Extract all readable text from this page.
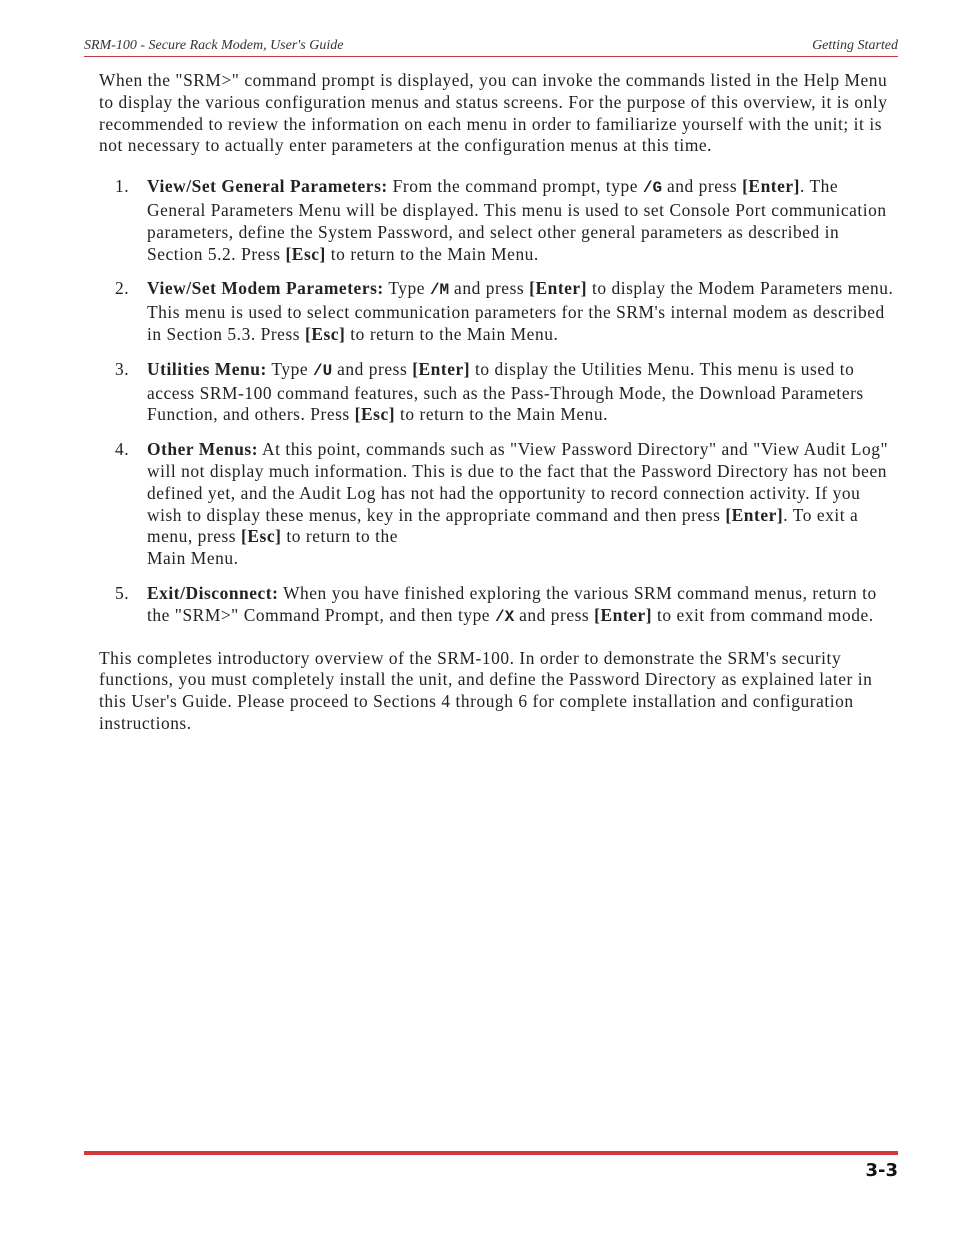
SRM-100 - Secure Rack Modem, User's Guide	Getting Started

When the "SRM>" command prompt is displayed, you can invoke the commands listed in the Help Menu to display the various configuration menus and status screens. For the purpose of this overview, it is only recommended to review the information on each menu in order to familiarize yourself with the unit; it is not necessary to actually enter parameters at the configuration menus at this time.

1. View/Set General Parameters: From the command prompt, type /G and press [Enter]. The General Parameters Menu will be displayed. This menu is used to set Console Port communication parameters, define the System Password, and select other general parameters as described in Section 5.2. Press [Esc] to return to the Main Menu.
2. View/Set Modem Parameters: Type /M and press [Enter] to display the Modem Parameters menu. This menu is used to select communication parameters for the SRM's internal modem as described in Section 5.3. Press [Esc] to return to the Main Menu.
3. Utilities Menu: Type /U and press [Enter] to display the Utilities Menu. This menu is used to access SRM-100 command features, such as the Pass-Through Mode, the Download Parameters Function, and others. Press [Esc] to return to the Main Menu.
4. Other Menus: At this point, commands such as "View Password Directory" and "View Audit Log" will not display much information. This is due to the fact that the Password Directory has not been defined yet, and the Audit Log has not had the opportunity to record connection activity. If you wish to display these menus, key in the appropriate command and then press [Enter]. To exit a menu, press [Esc] to return to the
Main Menu.
5. Exit/Disconnect: When you have finished exploring the various SRM command menus, return to the "SRM>" Command Prompt, and then type /X and press [Enter] to exit from command mode.

This completes introductory overview of the SRM-100. In order to demonstrate the SRM's security functions, you must completely install the unit, and define the Password Directory as explained later in this User's Guide. Please proceed to Sections 4 through 6 for complete installation and configuration instructions.

3-3
